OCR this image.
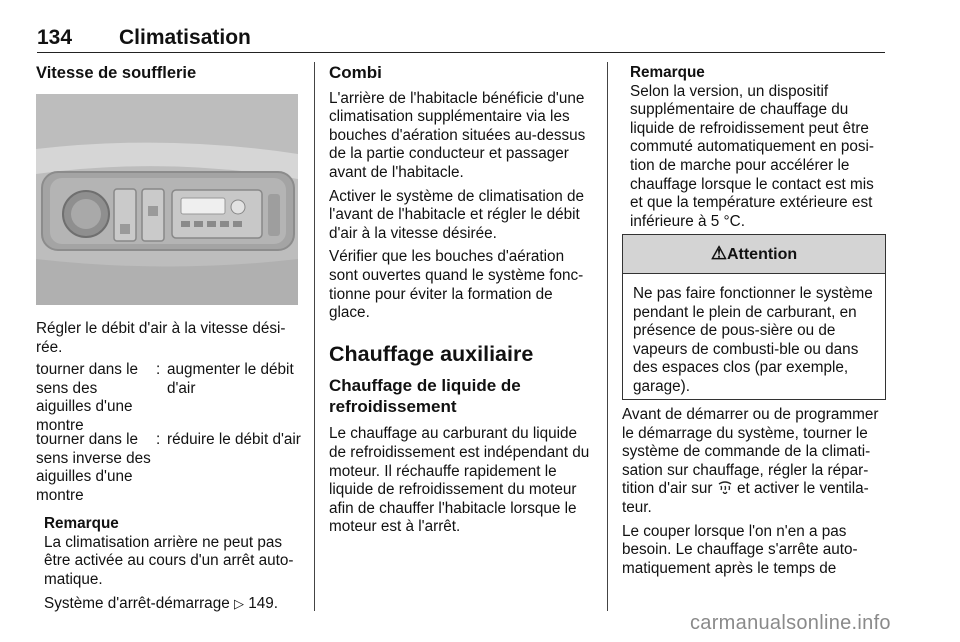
134 Climatisation

Vitesse de soufflerie

Régler le débit d'air à la vitesse dési-rée.

tourner dans le sens des aiguilles d'une montre
: augmenter le débit d'air
tourner dans le sens inverse des aiguilles d'une montre
: réduire le débit d'air

Remarque

La climatisation arrière ne peut pas être activée au cours d'un arrêt auto-matique.

Système d'arrêt-démarrage ▷ 149.

Combi

L'arrière de l'habitacle bénéficie d'une climatisation supplémentaire via les bouches d'aération situées au-dessus de la partie conducteur et passager avant de l'habitacle.

Activer le système de climatisation de l'avant de l'habitacle et régler le débit d'air à la vitesse désirée.

Vérifier que les bouches d'aération sont ouvertes quand le système fonc-tionne pour éviter la formation de glace.

Chauffage auxiliaire

Chauffage de liquide de refroidissement

Le chauffage au carburant du liquide de refroidissement est indépendant du moteur. Il réchauffe rapidement le liquide de refroidissement du moteur afin de chauffer l'habitacle lorsque le moteur est à l'arrêt.

Remarque

Selon la version, un dispositif supplémentaire de chauffage du liquide de refroidissement peut être commuté automatiquement en posi-tion de marche pour accélérer le chauffage lorsque le contact est mis et que la température extérieure est inférieure à 5 °C.

⚠Attention

Ne pas faire fonctionner le système pendant le plein de carburant, en présence de pous-sière ou de vapeurs de combusti-ble ou dans des espaces clos (par exemple, garage).

Avant de démarrer ou de programmer le démarrage du système, tourner le système de commande de la climati-sation sur chauffage, régler la répar-tition d'air sur et activer le ventila-teur.

Le couper lorsque l'on n'en a pas besoin. Le chauffage s'arrête auto-matiquement après le temps de

carmanualsonline.info
